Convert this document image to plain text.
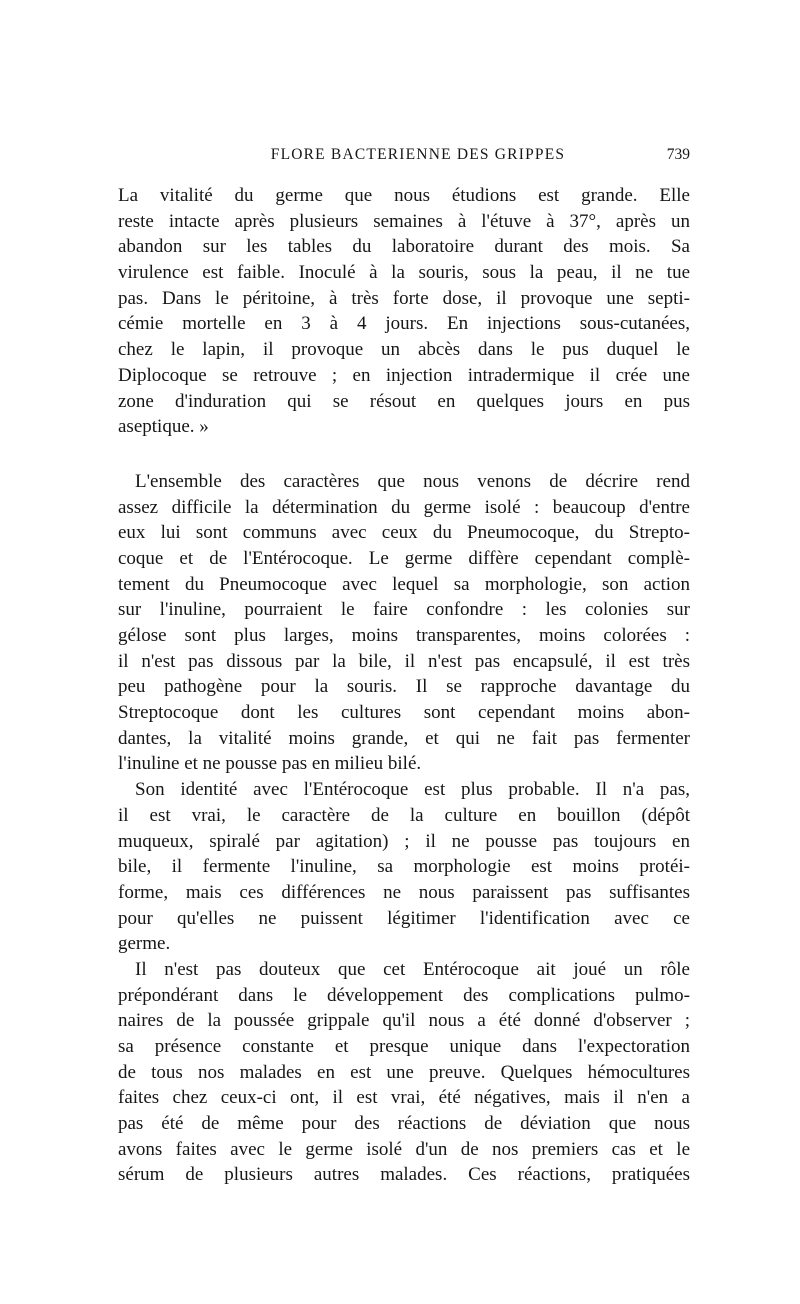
FLORE BACTERIENNE DES GRIPPES	739
La vitalité du germe que nous étudions est grande. Elle
reste intacte après plusieurs semaines à l'étuve à 37°, après un
abandon sur les tables du laboratoire durant des mois. Sa
virulence est faible. Inoculé à la souris, sous la peau, il ne tue
pas. Dans le péritoine, à très forte dose, il provoque une septi-
cémie mortelle en 3 à 4 jours. En injections sous-cutanées,
chez le lapin, il provoque un abcès dans le pus duquel le
Diplocoque se retrouve ; en injection intradermique il crée une
zone d'induration qui se résout en quelques jours en pus
aseptique. »
L'ensemble des caractères que nous venons de décrire rend
assez difficile la détermination du germe isolé : beaucoup d'entre
eux lui sont communs avec ceux du Pneumocoque, du Strepto-
coque et de l'Entérocoque. Le germe diffère cependant complè-
tement du Pneumocoque avec lequel sa morphologie, son action
sur l'inuline, pourraient le faire confondre : les colonies sur
gélose sont plus larges, moins transparentes, moins colorées :
il n'est pas dissous par la bile, il n'est pas encapsulé, il est très
peu pathogène pour la souris. Il se rapproche davantage du
Streptocoque dont les cultures sont cependant moins abon-
dantes, la vitalité moins grande, et qui ne fait pas fermenter
l'inuline et ne pousse pas en milieu bilé.
Son identité avec l'Entérocoque est plus probable. Il n'a pas,
il est vrai, le caractère de la culture en bouillon (dépôt
muqueux, spiralé par agitation) ; il ne pousse pas toujours en
bile, il fermente l'inuline, sa morphologie est moins protéi-
forme, mais ces différences ne nous paraissent pas suffisantes
pour qu'elles ne puissent légitimer l'identification avec ce
germe.
Il n'est pas douteux que cet Entérocoque ait joué un rôle
prépondérant dans le développement des complications pulmo-
naires de la poussée grippale qu'il nous a été donné d'observer ;
sa présence constante et presque unique dans l'expectoration
de tous nos malades en est une preuve. Quelques hémocultures
faites chez ceux-ci ont, il est vrai, été négatives, mais il n'en a
pas été de même pour des réactions de déviation que nous
avons faites avec le germe isolé d'un de nos premiers cas et le
sérum de plusieurs autres malades. Ces réactions, pratiquées
